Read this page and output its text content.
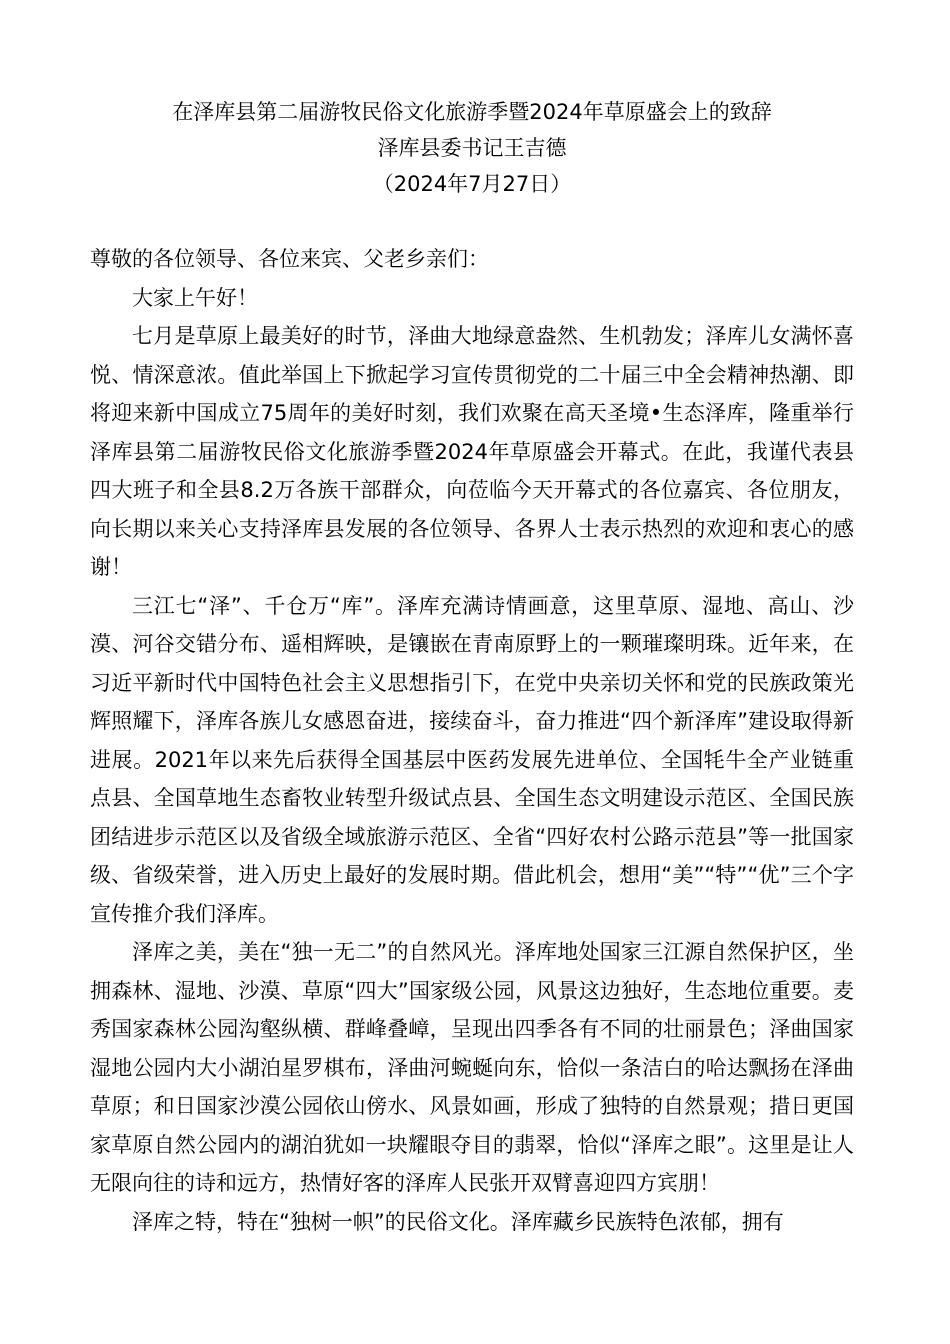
在泽库县第二届游牧民俗文化旅游季暨2024年草原盛会上的致辞
泽库县委书记王吉德
（2024年7月27日）

尊敬的各位领导、各位来宾、父老乡亲们：

大家上午好！

七月是草原上最美好的时节，泽曲大地绿意盎然、生机勃发；泽库儿女满怀喜悦、情深意浓。值此举国上下掀起学习宣传贯彻党的二十届三中全会精神热潮、即将迎来新中国成立75周年的美好时刻，我们欢聚在高天圣境•生态泽库，隆重举行泽库县第二届游牧民俗文化旅游季暨2024年草原盛会开幕式。在此，我谨代表县四大班子和全县8.2万各族干部群众，向莅临今天开幕式的各位嘉宾、各位朋友，向长期以来关心支持泽库县发展的各位领导、各界人士表示热烈的欢迎和衷心的感谢！

三江七“泽”、千仓万“库”。泽库充满诗情画意，这里草原、湿地、高山、沙漠、河谷交错分布、遥相辉映，是镶嵌在青南原野上的一颗璀璨明珠。近年来，在习近平新时代中国特色社会主义思想指引下，在党中央亲切关怀和党的民族政策光辉照耀下，泽库各族儿女感恩奋进，接续奋斗，奋力推进“四个新泽库”建设取得新进展。2021年以来先后获得全国基层中医药发展先进单位、全国牦牛全产业链重点县、全国草地生态畜牧业转型升级试点县、全国生态文明建设示范区、全国民族团结进步示范区以及省级全域旅游示范区、全省“四好农村公路示范县”等一批国家级、省级荣誉，进入历史上最好的发展时期。借此机会，想用“美”“特”“优”三个字宣传推介我们泽库。

泽库之美，美在“独一无二”的自然风光。泽库地处国家三江源自然保护区，坐拥森林、湿地、沙漠、草原“四大”国家级公园，风景这边独好，生态地位重要。麦秀国家森林公园沟壑纵横、群峰叠嶂，呈现出四季各有不同的壮丽景色；泽曲国家湿地公园内大小湖泊星罗棋布，泽曲河蜿蜒向东，恰似一条洁白的哈达飘扬在泽曲草原；和日国家沙漠公园依山傍水、风景如画，形成了独特的自然景观；措日更国家草原自然公园内的湖泊犹如一块耀眼夺目的翡翠，恰似“泽库之眼”。这里是让人无限向往的诗和远方，热情好客的泽库人民张开双臂喜迎四方宾朋！

泽库之特，特在“独树一帜”的民俗文化。泽库藏乡民族特色浓郁，拥有
